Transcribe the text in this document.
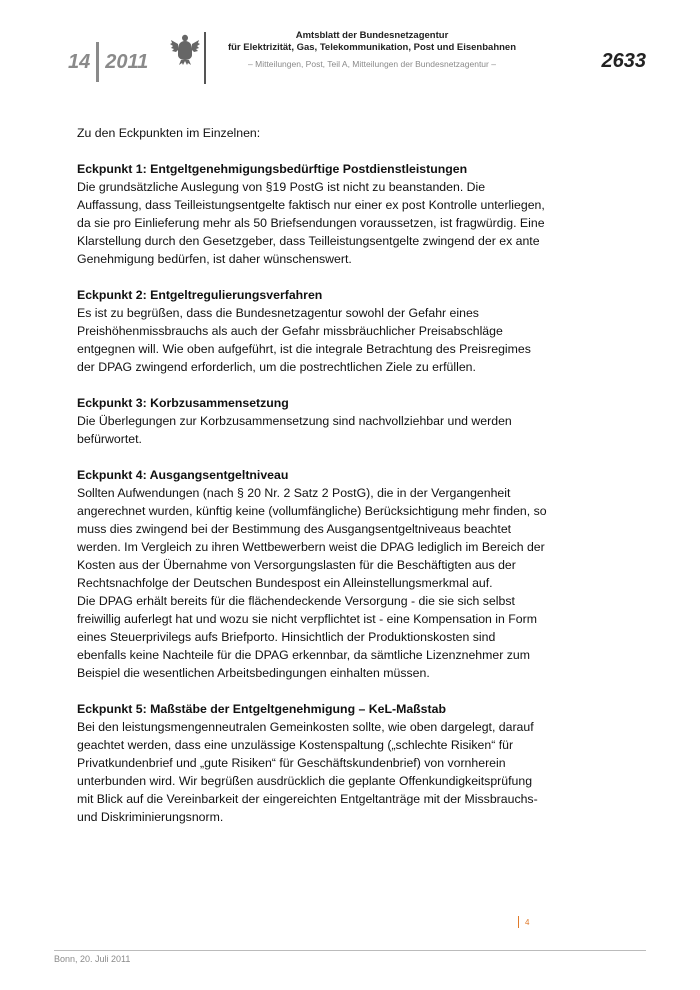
14 2011
Amtsblatt der Bundesnetzagentur
für Elektrizität, Gas, Telekommunikation, Post und Eisenbahnen
– Mitteilungen, Post, Teil A, Mitteilungen der Bundesnetzagentur –	2633

Zu den Eckpunkten im Einzelnen:

Eckpunkt 1: Entgeltgenehmigungsbedürftige Postdienstleistungen

Die grundsätzliche Auslegung von §19 PostG ist nicht zu beanstanden. Die Auffassung, dass Teilleistungsentgelte faktisch nur einer ex post Kontrolle unterliegen, da sie pro Einlieferung mehr als 50 Briefsendungen voraussetzen, ist fragwürdig. Eine Klarstellung durch den Gesetzgeber, dass Teilleistungsentgelte zwingend der ex ante Genehmigung bedürfen, ist daher wünschenswert.

Eckpunkt 2: Entgeltregulierungsverfahren

Es ist zu begrüßen, dass die Bundesnetzagentur sowohl der Gefahr eines Preishöhenmissbrauchs als auch der Gefahr missbräuchlicher Preisabschläge entgegnen will. Wie oben aufgeführt, ist die integrale Betrachtung des Preisregimes der DPAG zwingend erforderlich, um die postrechtlichen Ziele zu erfüllen.

Eckpunkt 3: Korbzusammensetzung

Die Überlegungen zur Korbzusammensetzung sind nachvollziehbar und werden befürwortet.

Eckpunkt 4: Ausgangsentgeltniveau

Sollten Aufwendungen (nach § 20 Nr. 2 Satz 2 PostG), die in der Vergangenheit angerechnet wurden, künftig keine (vollumfängliche) Berücksichtigung mehr finden, so muss dies zwingend bei der Bestimmung des Ausgangsentgeltniveaus beachtet werden. Im Vergleich zu ihren Wettbewerbern weist die DPAG lediglich im Bereich der Kosten aus der Übernahme von Versorgungslasten für die Beschäftigten aus der Rechtsnachfolge der Deutschen Bundespost ein Alleinstellungsmerkmal auf.

Die DPAG erhält bereits für die flächendeckende Versorgung - die sie sich selbst freiwillig auferlegt hat und wozu sie nicht verpflichtet ist - eine Kompensation in Form eines Steuerprivilegs aufs Briefporto. Hinsichtlich der Produktionskosten sind ebenfalls keine Nachteile für die DPAG erkennbar, da sämtliche Lizenznehmer zum Beispiel die wesentlichen Arbeitsbedingungen einhalten müssen.

Eckpunkt 5: Maßstäbe der Entgeltgenehmigung – KeL-Maßstab

Bei den leistungsmengenneutralen Gemeinkosten sollte, wie oben dargelegt, darauf geachtet werden, dass eine unzulässige Kostenspaltung („schlechte Risiken“ für Privatkundenbrief und „gute Risiken“ für Geschäftskundenbrief) von vornherein unterbunden wird. Wir begrüßen ausdrücklich die geplante Offenkundigkeitsprüfung mit Blick auf die Vereinbarkeit der eingereichten Entgeltanträge mit der Missbrauchs- und Diskriminierungsnorm.

4
Bonn, 20. Juli 2011
